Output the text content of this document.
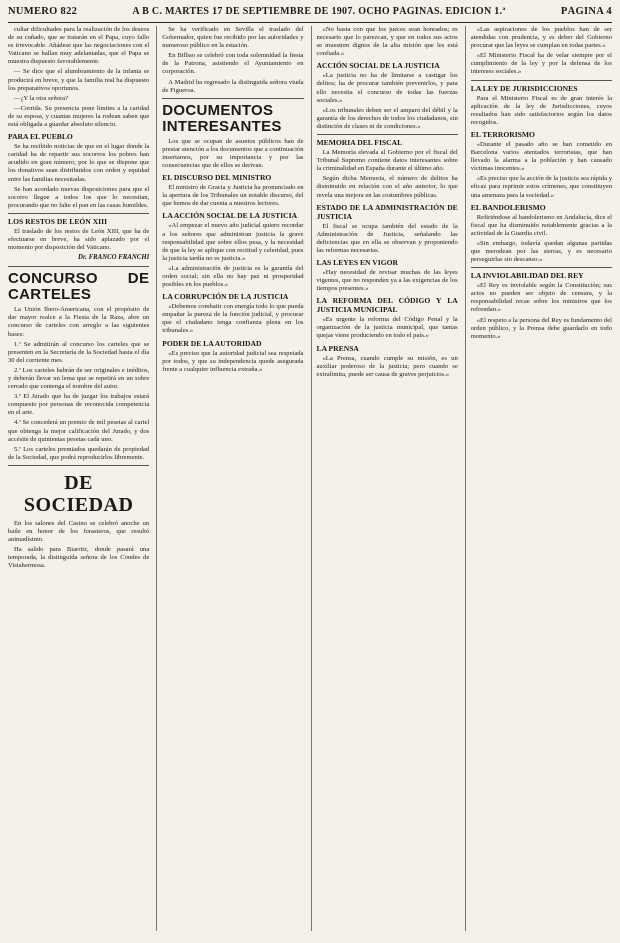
NÚMERO 822	A B C. MARTES 17 DE SEPTIEMBRE DE 1907. OCHO PÁGINAS. EDICIÓN 1.ª	PÁGINA 4

cultar dificultades para la realización de los deseos de su cuñado, que se tratarán en el Papa, cuyo fallo es irrevocable. Añádese que las negociaciones con el Vaticano se hallan muy adelantadas, que el Papa se muestra dispuesto favorablemente.

— Se dice que el alumbramiento de la infanta se producirá en breve, y que la familia real ha dispuesto los preparativos oportunos.

—¿Y la otra señora?

—Corrida. Su presencia pone límites a la caridad de su esposa, y cuantas mujeres la rodean saben que está obligada a guardar absoluto silencio.

PARA EL PUEBLO

Se ha recibido noticias de que en el lugar donde la caridad ha de repartir sus socorros los pobres han acudido en gran número, por lo que se dispone que los donativos sean distribuidos con orden y equidad entre las familias necesitadas.

Se han acordado nuevas disposiciones para que el socorro llegue a todos los que lo necesitan, procurando que no falte el pan en las casas humildes.

LOS RESTOS DE LEÓN XIII

El traslado de los restos de León XIII, que ha de efectuarse en breve, ha sido aplazado por el momento por disposición del Vaticano.

Dr. FRANCO FRANCHI
CONCURSO DE CARTELES

La Unión Ibero-Americana, con el propósito de dar mayor realce a la Fiesta de la Raza, abre un concurso de carteles con arreglo a las siguientes bases:

1.ª Se admitirán al concurso los carteles que se presenten en la Secretaría de la Sociedad hasta el día 30 del corriente mes.

2.ª Los carteles habrán de ser originales e inéditos, y deberán llevar un lema que se repetirá en un sobre cerrado que contenga el nombre del autor.

3.ª El Jurado que ha de juzgar los trabajos estará compuesto por personas de reconocida competencia en el arte.

4.ª Se concederá un premio de mil pesetas al cartel que obtenga la mejor calificación del Jurado, y dos accésits de quinientas pesetas cada uno.

5.ª Los carteles premiados quedarán de propiedad de la Sociedad, que podrá reproducirlos libremente.

DE SOCIEDAD

En los salones del Casino se celebró anoche un baile en honor de los forasteros, que resultó animadísimo.

Ha salido para Biarritz, donde pasará una temporada, la distinguida señora de los Condes de Vistahermosa.

Se ha verificado en Sevilla el traslado del Gobernador, quien fue recibido por las autoridades y numeroso público en la estación.

En Bilbao se celebró con toda solemnidad la fiesta de la Patrona, asistiendo el Ayuntamiento en corporación.

A Madrid ha regresado la distinguida señora viuda de Figueroa.

DOCUMENTOS INTERESANTES

Los que se ocupan de asuntos públicos han de prestar atención a los documentos que a continuación insertamos, por su importancia y por las consecuencias que de ellos se derivan.

EL DISCURSO DEL MINISTRO

El ministro de Gracia y Justicia ha pronunciado en la apertura de los Tribunales un notable discurso, del que hemos de dar cuenta a nuestros lectores.

LA ACCIÓN SOCIAL DE LA JUSTICIA

«Al empezar el nuevo año judicial quiero recordar a los señores que administran justicia la grave responsabilidad que sobre ellos pesa, y la necesidad de que la ley se aplique con rectitud y celeridad, pues la justicia tardía no es justicia.»

«La administración de justicia es la garantía del orden social; sin ella no hay paz ni prosperidad posibles en los pueblos.»

LA CORRUPCIÓN DE LA JUSTICIA

«Debemos combatir con energía todo lo que pueda empañar la pureza de la función judicial, y procurar que el ciudadano tenga confianza plena en los tribunales.»

PODER DE LA AUTORIDAD

«Es preciso que la autoridad judicial sea respetada por todos, y que su independencia quede asegurada frente a cualquier influencia extraña.»

«No basta con que los jueces sean honrados; es necesario que lo parezcan, y que en todos sus actos se muestren dignos de la alta misión que les está confiada.»

ACCIÓN SOCIAL DE LA JUSTICIA

«La justicia no ha de limitarse a castigar los delitos; ha de procurar también prevenirlos, y para ello necesita el concurso de todas las fuerzas sociales.»

«Los tribunales deben ser el amparo del débil y la garantía de los derechos de todos los ciudadanos, sin distinción de clases ni de condiciones.»

MEMORIA DEL FISCAL

La Memoria elevada al Gobierno por el fiscal del Tribunal Supremo contiene datos interesantes sobre la criminalidad en España durante el último año.

Según dicha Memoria, el número de delitos ha disminuido en relación con el año anterior, lo que revela una mejora en las costumbres públicas.

ESTADO DE LA ADMINISTRACIÓN DE JUSTICIA

El fiscal se ocupa también del estado de la Administración de Justicia, señalando las deficiencias que en ella se observan y proponiendo las reformas necesarias.

LAS LEYES EN VIGOR

«Hay necesidad de revisar muchas de las leyes vigentes, que no responden ya a las exigencias de los tiempos presentes.»

LA REFORMA DEL CÓDIGO Y LA JUSTICIA MUNICIPAL

«Es urgente la reforma del Código Penal y la organización de la justicia municipal, que tantas quejas viene produciendo en todo el país.»

LA PRENSA

«La Prensa, cuando cumple su misión, es un auxiliar poderoso de la justicia; pero cuando se extralimita, puede ser causa de graves perjuicios.»

«Las aspiraciones de los pueblos han de ser atendidas con prudencia, y es deber del Gobierno procurar que las leyes se cumplan en todas partes.»

«El Ministerio Fiscal ha de velar siempre por el cumplimiento de la ley y por la defensa de los intereses sociales.»

LA LEY DE JURISDICCIONES

Para el Ministerio Fiscal es de gran interés la aplicación de la ley de Jurisdicciones, cuyos resultados han sido satisfactorios según los datos recogidos.

EL TERRORISMO

«Durante el pasado año se han cometido en Barcelona varios atentados terroristas, que han llevado la alarma a la población y han causado víctimas inocentes.»

«Es preciso que la acción de la justicia sea rápida y eficaz para reprimir estos crímenes, que constituyen una amenaza para la sociedad.»

EL BANDOLERISMO

Refiriéndose al bandolerismo en Andalucía, dice el fiscal que ha disminuido notablemente gracias a la actividad de la Guardia civil.

«Sin embargo, todavía quedan algunas partidas que merodean por las sierras, y es necesario perseguirlas sin descanso.»

LA INVIOLABILIDAD DEL REY

«El Rey es inviolable según la Constitución; sus actos no pueden ser objeto de censura, y la responsabilidad recae sobre los ministros que los refrendan.»

«El respeto a la persona del Rey es fundamento del orden público, y la Prensa debe guardarlo en todo momento.»
